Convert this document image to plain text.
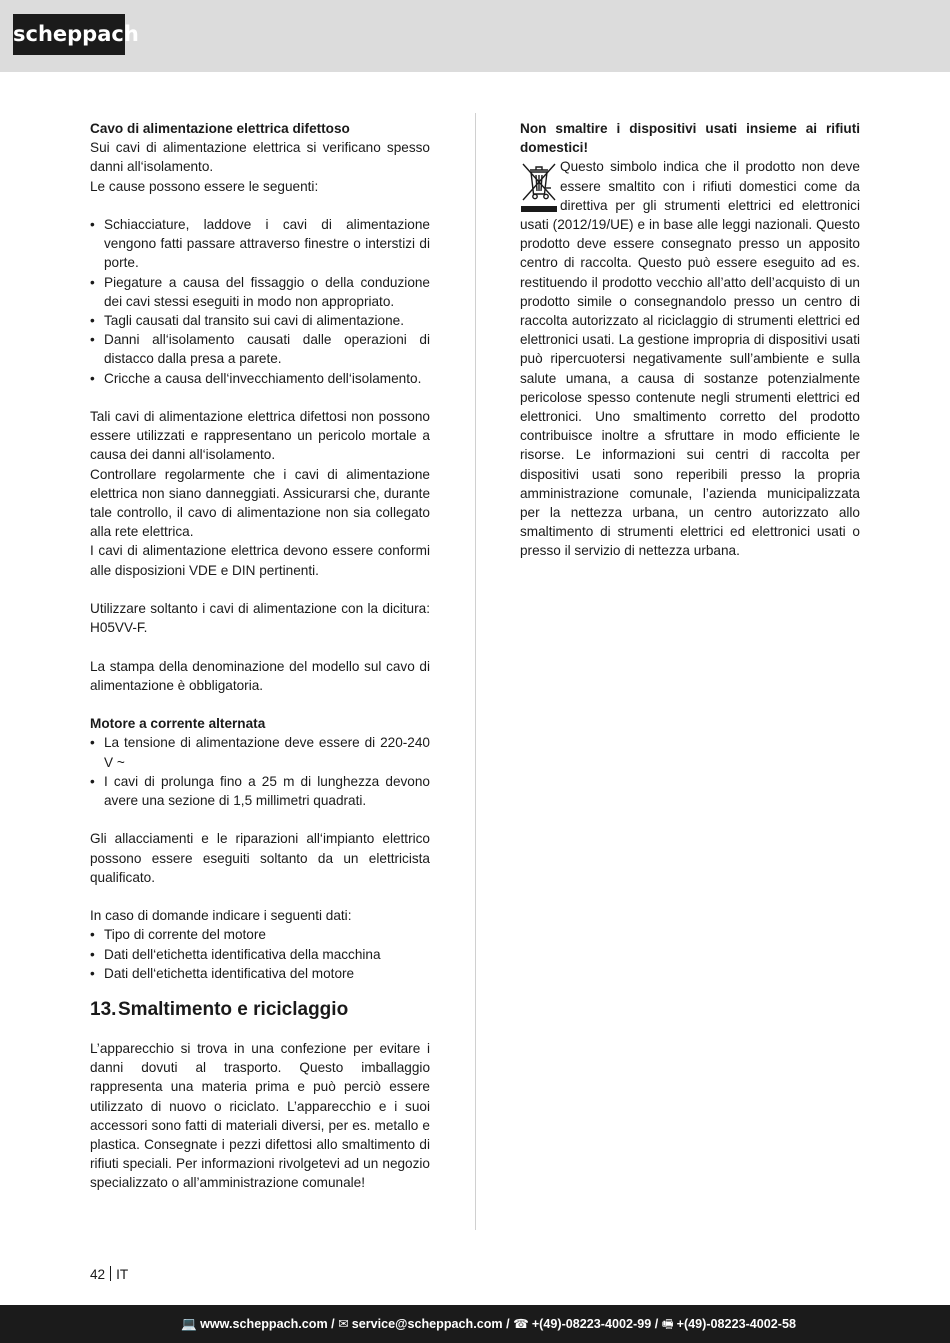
scheppach

Cavo di alimentazione elettrica difettoso

Sui cavi di alimentazione elettrica si verificano spesso danni all‘isolamento.

Le cause possono essere le seguenti:

• Schiacciature, laddove i cavi di alimentazione vengono fatti passare attraverso finestre o interstizi di porte.
• Piegature a causa del fissaggio o della conduzione dei cavi stessi eseguiti in modo non appropriato.
• Tagli causati dal transito sui cavi di alimentazione.
• Danni all‘isolamento causati dalle operazioni di distacco dalla presa a parete.
• Cricche a causa dell‘invecchiamento dell‘isolamento.

Tali cavi di alimentazione elettrica difettosi non possono essere utilizzati e rappresentano un pericolo mortale a causa dei danni all‘isolamento.

Controllare regolarmente che i cavi di alimentazione elettrica non siano danneggiati. Assicurarsi che, durante tale controllo, il cavo di alimentazione non sia collegato alla rete elettrica.

I cavi di alimentazione elettrica devono essere conformi alle disposizioni VDE e DIN pertinenti.

Utilizzare soltanto i cavi di alimentazione con la dicitura: H05VV-F.

La stampa della denominazione del modello sul cavo di alimentazione è obbligatoria.

Motore a corrente alternata

• La tensione di alimentazione deve essere di 220-240 V ~
• I cavi di prolunga fino a 25 m di lunghezza devono avere una sezione di 1,5 millimetri quadrati.

Gli allacciamenti e le riparazioni all‘impianto elettrico possono essere eseguiti soltanto da un elettricista qualificato.

In caso di domande indicare i seguenti dati:

• Tipo di corrente del motore
• Dati dell‘etichetta identificativa della macchina
• Dati dell‘etichetta identificativa del motore
13.Smaltimento e riciclaggio

L’apparecchio si trova in una confezione per evitare i danni dovuti al trasporto. Questo imballaggio rappresenta una materia prima e può perciò essere utilizzato di nuovo o riciclato. L’apparecchio e i suoi accessori sono fatti di materiali diversi, per es. metallo e plastica. Consegnate i pezzi difettosi allo smaltimento di rifiuti speciali. Per informazioni rivolgetevi ad un negozio specializzato o all’amministrazione comunale!

Non smaltire i dispositivi usati insieme ai rifiuti domestici!

Questo simbolo indica che il prodotto non deve essere smaltito con i rifiuti domestici come da direttiva per gli strumenti elettrici ed elettronici usati (2012/19/UE) e in base alle leggi nazionali. Questo prodotto deve essere consegnato presso un apposito centro di raccolta. Questo può essere eseguito ad es. restituendo il prodotto vecchio all’atto dell’acquisto di un prodotto simile o consegnandolo presso un centro di raccolta autorizzato al riciclaggio di strumenti elettrici ed elettronici usati. La gestione impropria di dispositivi usati può ripercuotersi negativamente sull’ambiente e sulla salute umana, a causa di sostanze potenzialmente pericolose spesso contenute negli strumenti elettrici ed elettronici. Uno smaltimento corretto del prodotto contribuisce inoltre a sfruttare in modo efficiente le risorse. Le informazioni sui centri di raccolta per dispositivi usati sono reperibili presso la propria amministrazione comunale, l’azienda municipalizzata per la nettezza urbana, un centro autorizzato allo smaltimento di strumenti elettrici ed elettronici usati o presso il servizio di nettezza urbana.

42 IT
💻 www.scheppach.com / ✉ service@scheppach.com / ☎ +(49)-08223-4002-99 / 🖷 +(49)-08223-4002-58
